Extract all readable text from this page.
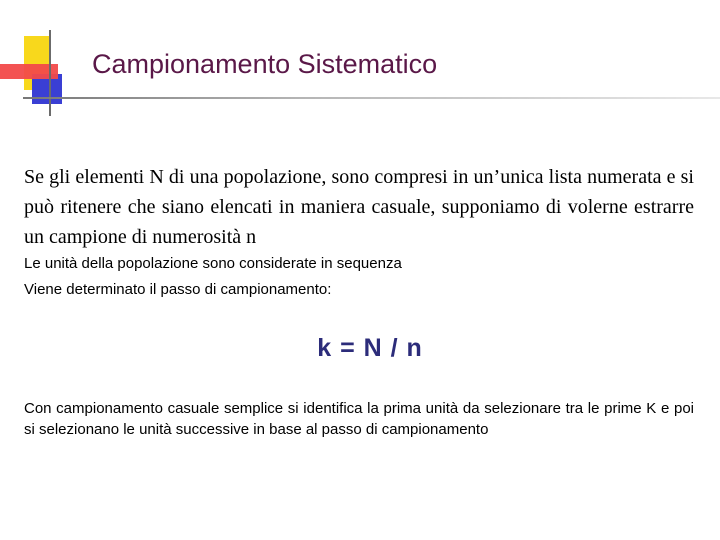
Campionamento Sistematico

Se gli elementi N di una popolazione, sono compresi in un’unica lista numerata e si può ritenere che siano elencati in maniera casuale, supponiamo di volerne estrarre un campione di numerosità n

Le unità della popolazione sono considerate in sequenza

Viene determinato il passo di campionamento:

k = N / n

Con campionamento casuale semplice si identifica la prima unità da selezionare tra le prime K e poi si selezionano le unità successive in base al passo di campionamento
